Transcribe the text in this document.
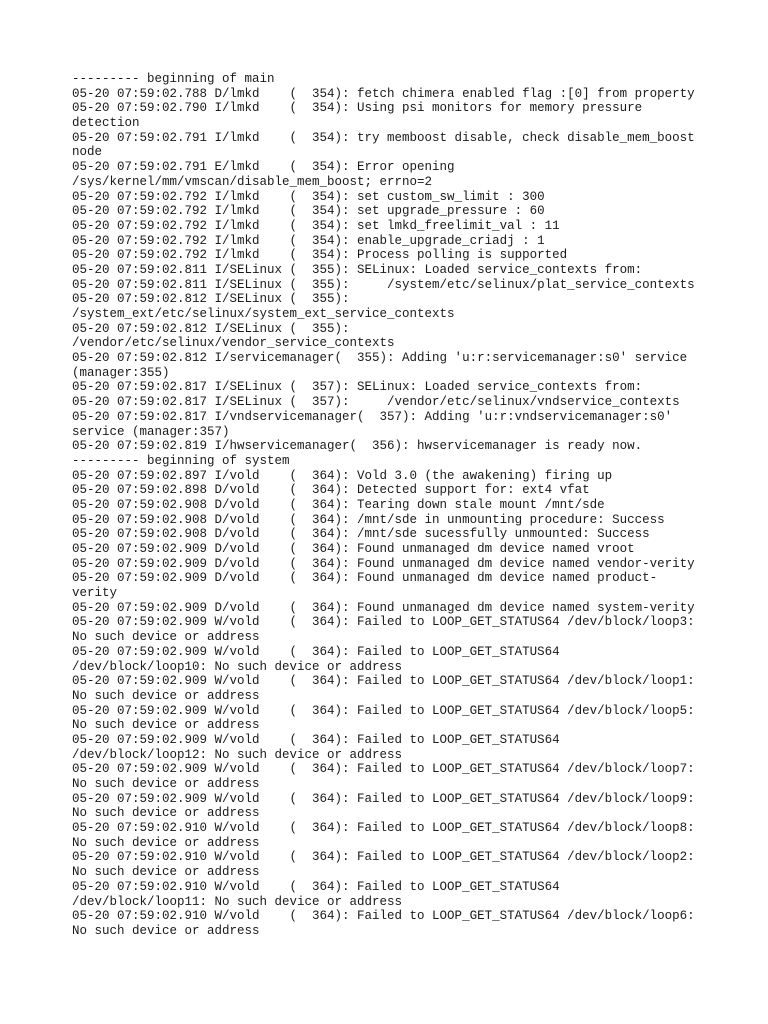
--------- beginning of main
05-20 07:59:02.788 D/lmkd    (  354): fetch chimera enabled flag :[0] from property
05-20 07:59:02.790 I/lmkd    (  354): Using psi monitors for memory pressure
detection
05-20 07:59:02.791 I/lmkd    (  354): try memboost disable, check disable_mem_boost
node
05-20 07:59:02.791 E/lmkd    (  354): Error opening
/sys/kernel/mm/vmscan/disable_mem_boost; errno=2
05-20 07:59:02.792 I/lmkd    (  354): set custom_sw_limit : 300
05-20 07:59:02.792 I/lmkd    (  354): set upgrade_pressure : 60
05-20 07:59:02.792 I/lmkd    (  354): set lmkd_freelimit_val : 11
05-20 07:59:02.792 I/lmkd    (  354): enable_upgrade_criadj : 1
05-20 07:59:02.792 I/lmkd    (  354): Process polling is supported
05-20 07:59:02.811 I/SELinux (  355): SELinux: Loaded service_contexts from:
05-20 07:59:02.811 I/SELinux (  355):     /system/etc/selinux/plat_service_contexts
05-20 07:59:02.812 I/SELinux (  355):
/system_ext/etc/selinux/system_ext_service_contexts
05-20 07:59:02.812 I/SELinux (  355):
/vendor/etc/selinux/vendor_service_contexts
05-20 07:59:02.812 I/servicemanager(  355): Adding 'u:r:servicemanager:s0' service
(manager:355)
05-20 07:59:02.817 I/SELinux (  357): SELinux: Loaded service_contexts from:
05-20 07:59:02.817 I/SELinux (  357):     /vendor/etc/selinux/vndservice_contexts
05-20 07:59:02.817 I/vndservicemanager(  357): Adding 'u:r:vndservicemanager:s0'
service (manager:357)
05-20 07:59:02.819 I/hwservicemanager(  356): hwservicemanager is ready now.
--------- beginning of system
05-20 07:59:02.897 I/vold    (  364): Vold 3.0 (the awakening) firing up
05-20 07:59:02.898 D/vold    (  364): Detected support for: ext4 vfat
05-20 07:59:02.908 D/vold    (  364): Tearing down stale mount /mnt/sde
05-20 07:59:02.908 D/vold    (  364): /mnt/sde in unmounting procedure: Success
05-20 07:59:02.908 D/vold    (  364): /mnt/sde sucessfully unmounted: Success
05-20 07:59:02.909 D/vold    (  364): Found unmanaged dm device named vroot
05-20 07:59:02.909 D/vold    (  364): Found unmanaged dm device named vendor-verity
05-20 07:59:02.909 D/vold    (  364): Found unmanaged dm device named product-
verity
05-20 07:59:02.909 D/vold    (  364): Found unmanaged dm device named system-verity
05-20 07:59:02.909 W/vold    (  364): Failed to LOOP_GET_STATUS64 /dev/block/loop3:
No such device or address
05-20 07:59:02.909 W/vold    (  364): Failed to LOOP_GET_STATUS64
/dev/block/loop10: No such device or address
05-20 07:59:02.909 W/vold    (  364): Failed to LOOP_GET_STATUS64 /dev/block/loop1:
No such device or address
05-20 07:59:02.909 W/vold    (  364): Failed to LOOP_GET_STATUS64 /dev/block/loop5:
No such device or address
05-20 07:59:02.909 W/vold    (  364): Failed to LOOP_GET_STATUS64
/dev/block/loop12: No such device or address
05-20 07:59:02.909 W/vold    (  364): Failed to LOOP_GET_STATUS64 /dev/block/loop7:
No such device or address
05-20 07:59:02.909 W/vold    (  364): Failed to LOOP_GET_STATUS64 /dev/block/loop9:
No such device or address
05-20 07:59:02.910 W/vold    (  364): Failed to LOOP_GET_STATUS64 /dev/block/loop8:
No such device or address
05-20 07:59:02.910 W/vold    (  364): Failed to LOOP_GET_STATUS64 /dev/block/loop2:
No such device or address
05-20 07:59:02.910 W/vold    (  364): Failed to LOOP_GET_STATUS64
/dev/block/loop11: No such device or address
05-20 07:59:02.910 W/vold    (  364): Failed to LOOP_GET_STATUS64 /dev/block/loop6:
No such device or address
